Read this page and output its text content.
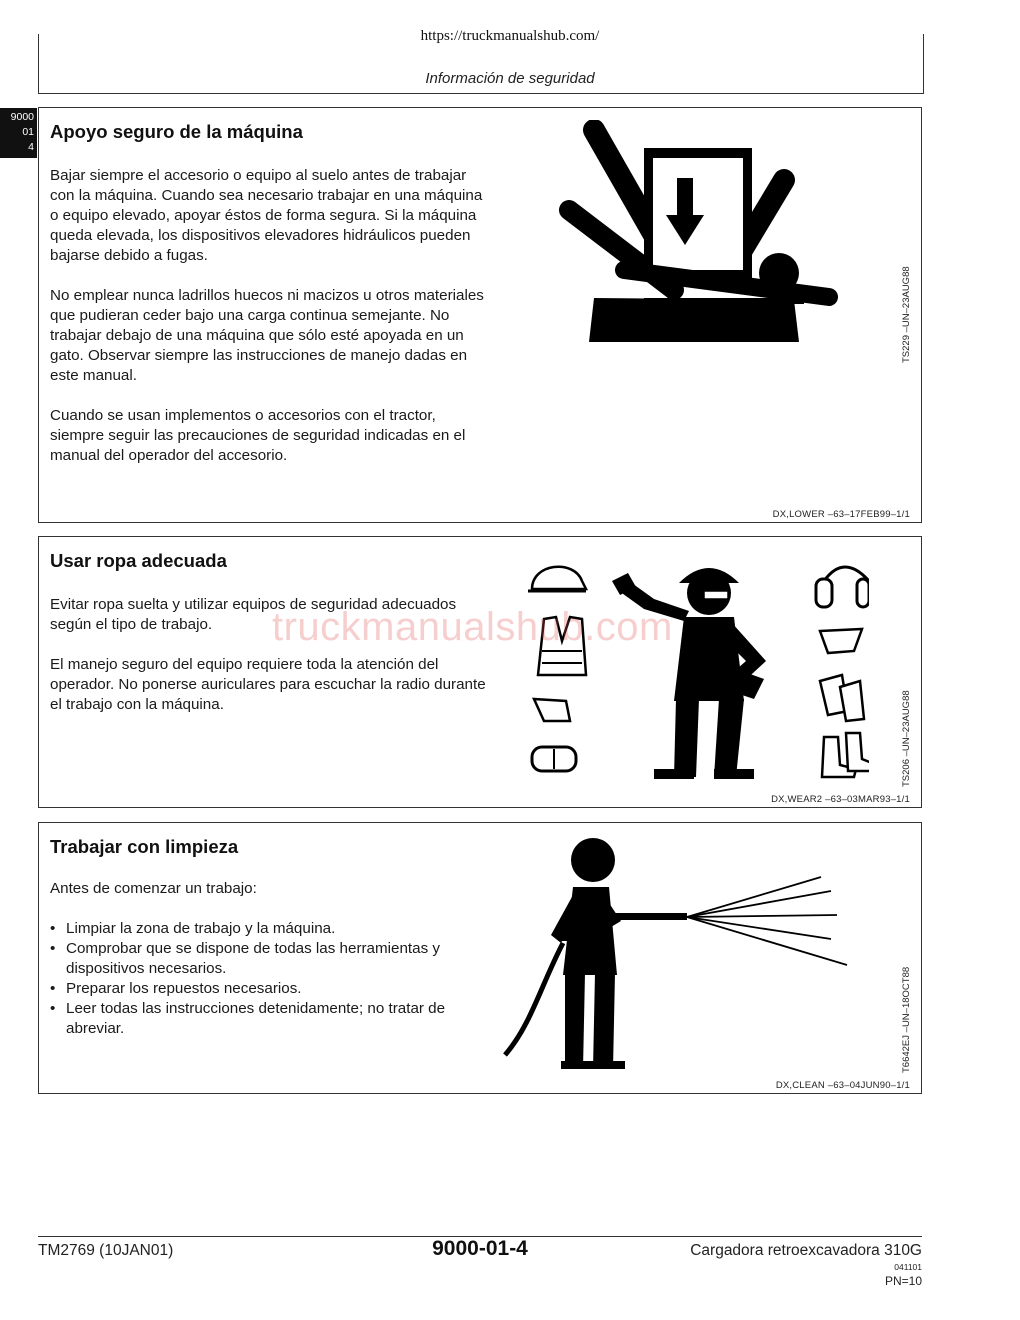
https://truckmanualshub.com/
Información de seguridad
9000
01
4
Apoyo seguro de la máquina

Bajar siempre el accesorio o equipo al suelo antes de trabajar con la máquina. Cuando sea necesario trabajar en una máquina o equipo elevado, apoyar éstos de forma segura. Si la máquina queda elevada, los dispositivos elevadores hidráulicos pueden bajarse debido a fugas.

No emplear nunca ladrillos huecos ni macizos u otros materiales que pudieran ceder bajo una carga continua semejante. No trabajar debajo de una máquina que sólo esté apoyada en un gato. Observar siempre las instrucciones de manejo dadas en este manual.

Cuando se usan implementos o accesorios con el tractor, siempre seguir las precauciones de seguridad indicadas en el manual del operador del accesorio.

TS229 –UN–23AUG88
DX,LOWER –63–17FEB99–1/1
Usar ropa adecuada

Evitar ropa suelta y utilizar equipos de seguridad adecuados según el tipo de trabajo.

El manejo seguro del equipo requiere toda la atención del operador. No ponerse auriculares para escuchar la radio durante el trabajo con la máquina.	TS206 –UN–23AUG88
DX,WEAR2 –63–03MAR93–1/1
truckmanualshub.com
Trabajar con limpieza

Antes de comenzar un trabajo:

• Limpiar la zona de trabajo y la máquina.
• Comprobar que se dispone de todas las herramientas y dispositivos necesarios.
• Preparar los repuestos necesarios.
• Leer todas las instrucciones detenidamente; no tratar de abreviar.	T6642EJ –UN–18OCT88
DX,CLEAN –63–04JUN90–1/1
TM2769 (10JAN01)	9000-01-4	Cargadora retroexcavadora 310G
041101
PN=10
